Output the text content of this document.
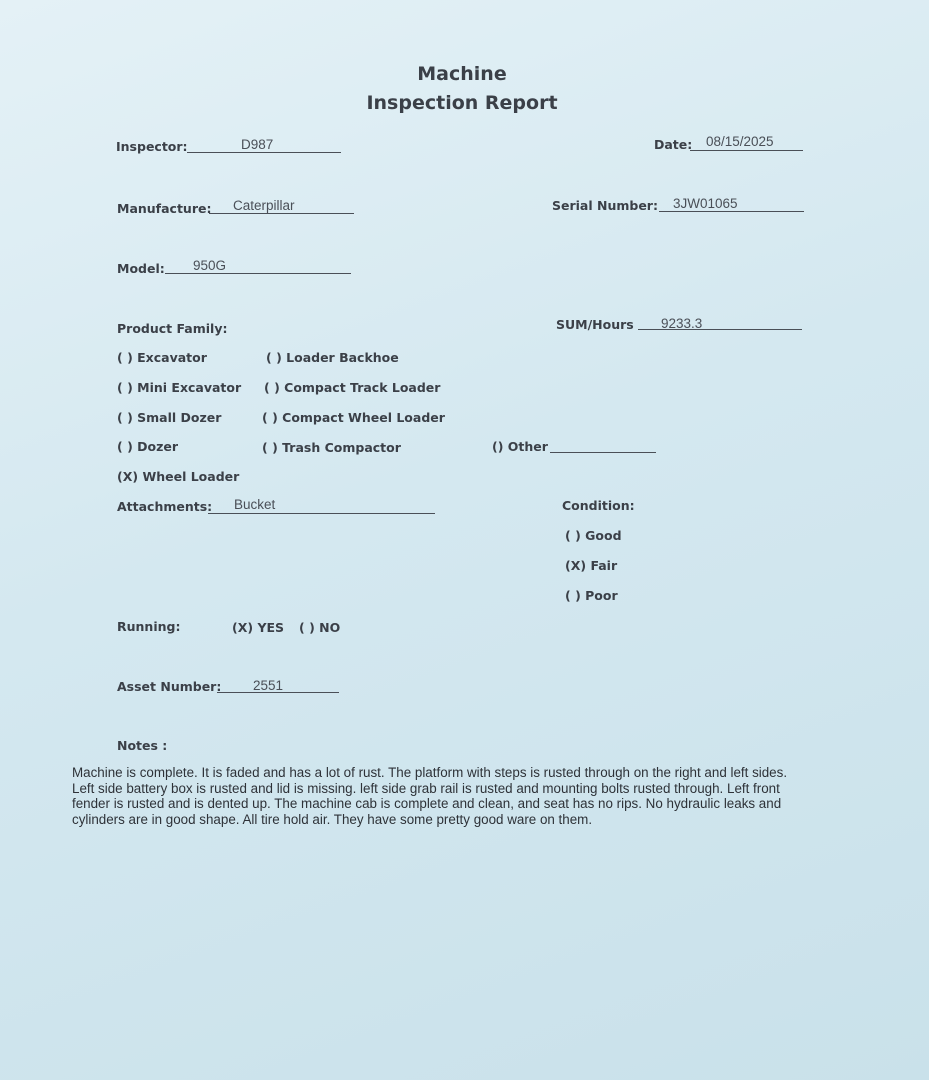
Machine
Inspection Report
Inspector:	D987	Date: 08/15/2025
Manufacture: Caterpillar	Serial Number: 3JW01065
Model: 950G
Product Family:	SUM/Hours 9233.3
( ) Excavator
( ) Mini Excavator
( ) Small Dozer
( ) Dozer
(X) Wheel Loader
( ) Loader Backhoe
( ) Compact Track Loader
( ) Compact Wheel Loader
( ) Trash Compactor	() Other
Attachments: Bucket	Condition:
( ) Good
(X) Fair
( ) Poor
Running:	(X) YES ( ) NO
Asset Number: 2551
Notes :
Machine is complete. It is faded and has a lot of rust. The platform with steps is rusted through on the right and left sides.
Left side battery box is rusted and lid is missing. left side grab rail is rusted and mounting bolts rusted through. Left front
fender is rusted and is dented up. The machine cab is complete and clean, and seat has no rips. No hydraulic leaks and
cylinders are in good shape. All tire hold air. They have some pretty good ware on them.
